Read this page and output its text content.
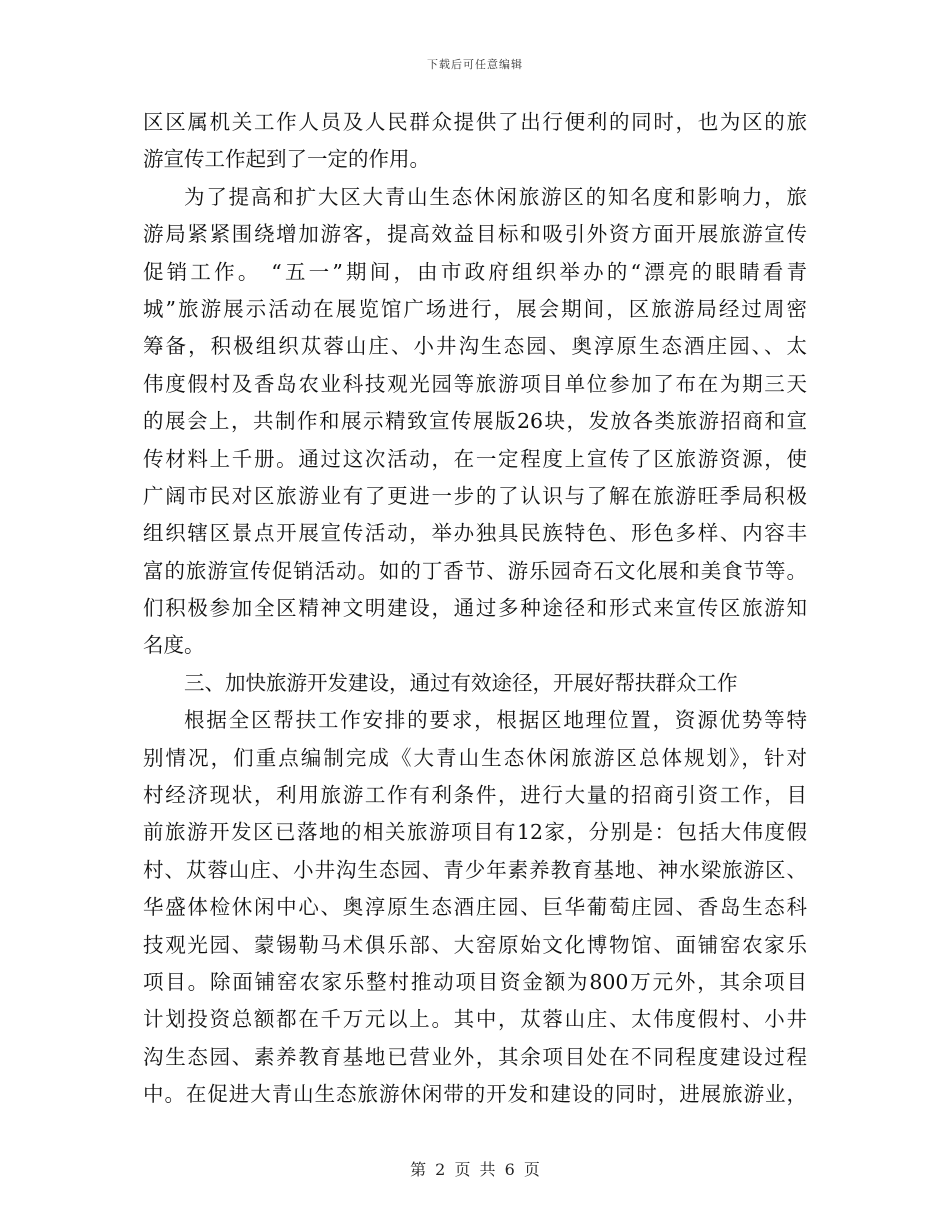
下载后可任意编辑
区区属机关工作人员及人民群众提供了出行便利的同时，也为区的旅
游宣传工作起到了一定的作用。
为了提高和扩大区大青山生态休闲旅游区的知名度和影响力，旅
游局紧紧围绕增加游客，提高效益目标和吸引外资方面开展旅游宣传
促销工作。 “五一”期间，由市政府组织举办的“漂亮的眼睛看青
城”旅游展示活动在展览馆广场进行，展会期间，区旅游局经过周密
筹备，积极组织苁蓉山庄、小井沟生态园、奥淳原生态酒庄园、、太
伟度假村及香岛农业科技观光园等旅游项目单位参加了布在为期三天
的展会上，共制作和展示精致宣传展版26块，发放各类旅游招商和宣
传材料上千册。通过这次活动，在一定程度上宣传了区旅游资源，使
广阔市民对区旅游业有了更进一步的了认识与了解在旅游旺季局积极
组织辖区景点开展宣传活动，举办独具民族特色、形色多样、内容丰
富的旅游宣传促销活动。如的丁香节、游乐园奇石文化展和美食节等。
们积极参加全区精神文明建设，通过多种途径和形式来宣传区旅游知
名度。
三、加快旅游开发建设，通过有效途径，开展好帮扶群众工作
根据全区帮扶工作安排的要求，根据区地理位置，资源优势等特
别情况，们重点编制完成《大青山生态休闲旅游区总体规划》，针对
村经济现状，利用旅游工作有利条件，进行大量的招商引资工作，目
前旅游开发区已落地的相关旅游项目有12家，分别是：包括大伟度假
村、苁蓉山庄、小井沟生态园、青少年素养教育基地、神水梁旅游区、
华盛体检休闲中心、奥淳原生态酒庄园、巨华葡萄庄园、香岛生态科
技观光园、蒙锡勒马术俱乐部、大窑原始文化博物馆、面铺窑农家乐
项目。除面铺窑农家乐整村推动项目资金额为800万元外，其余项目
计划投资总额都在千万元以上。其中，苁蓉山庄、太伟度假村、小井
沟生态园、素养教育基地已营业外，其余项目处在不同程度建设过程
中。在促进大青山生态旅游休闲带的开发和建设的同时，进展旅游业，
第 2 页 共 6 页
